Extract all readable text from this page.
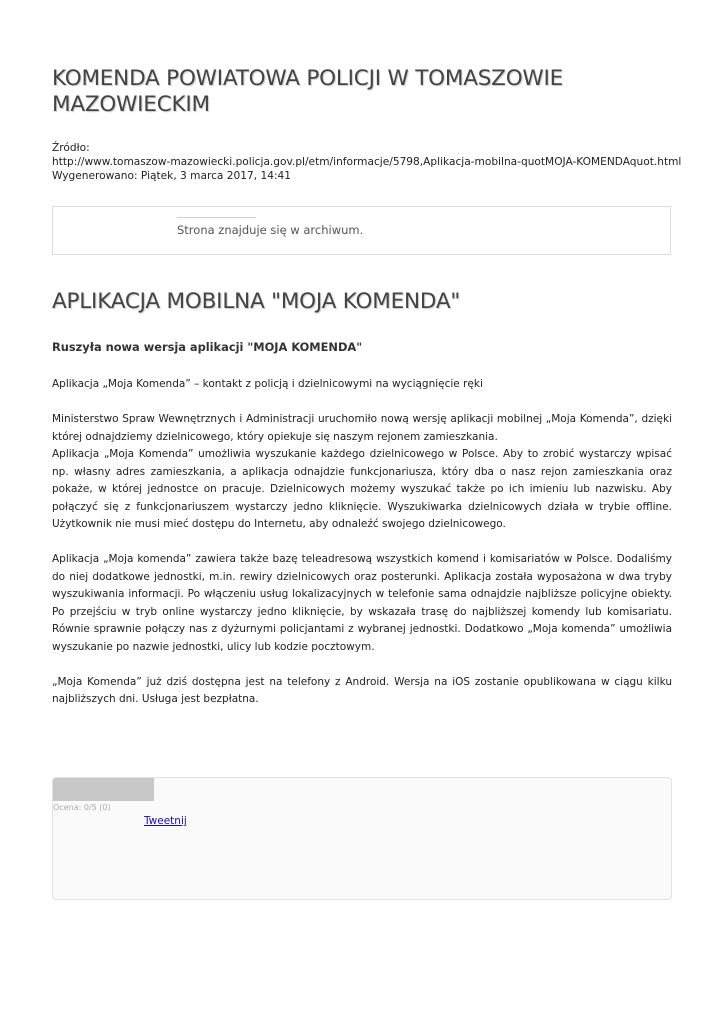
KOMENDA POWIATOWA POLICJI W TOMASZOWIE MAZOWIECKIM
Źródło:
http://www.tomaszow-mazowiecki.policja.gov.pl/etm/informacje/5798,Aplikacja-mobilna-quotMOJA-KOMENDAquot.html
Wygenerowano: Piątek, 3 marca 2017, 14:41
Strona znajduje się w archiwum.
APLIKACJA MOBILNA "MOJA KOMENDA"

Ruszyła nowa wersja aplikacji "MOJA KOMENDA"

Aplikacja „Moja Komenda” – kontakt z policją i dzielnicowymi na wyciągnięcie ręki

Ministerstwo Spraw Wewnętrznych i Administracji uruchomiło nową wersję aplikacji mobilnej „Moja Komenda”, dzięki której odnajdziemy dzielnicowego, który opiekuje się naszym rejonem zamieszkania.

Aplikacja „Moja Komenda” umożliwia wyszukanie każdego dzielnicowego w Polsce. Aby to zrobić wystarczy wpisać np. własny adres zamieszkania, a aplikacja odnajdzie funkcjonariusza, który dba o nasz rejon zamieszkania oraz pokaże, w której jednostce on pracuje. Dzielnicowych możemy wyszukać także po ich imieniu lub nazwisku. Aby połączyć się z funkcjonariuszem wystarczy jedno kliknięcie. Wyszukiwarka dzielnicowych działa w trybie offline. Użytkownik nie musi mieć dostępu do Internetu, aby odnaleźć swojego dzielnicowego.

Aplikacja „Moja komenda” zawiera także bazę teleadresową wszystkich komend i komisariatów w Polsce. Dodaliśmy do niej dodatkowe jednostki, m.in. rewiry dzielnicowych oraz posterunki. Aplikacja została wyposażona w dwa tryby wyszukiwania informacji. Po włączeniu usług lokalizacyjnych w telefonie sama odnajdzie najbliższe policyjne obiekty. Po przejściu w tryb online wystarczy jedno kliknięcie, by wskazała trasę do najbliższej komendy lub komisariatu. Równie sprawnie połączy nas z dyżurnymi policjantami z wybranej jednostki. Dodatkowo „Moja komenda” umożliwia wyszukanie po nazwie jednostki, ulicy lub kodzie pocztowym.

„Moja Komenda” już dziś dostępna jest na telefony z Android. Wersja na iOS zostanie opublikowana w ciągu kilku najbliższych dni. Usługa jest bezpłatna.

Ocena: 0/5 (0)
Tweetnij
